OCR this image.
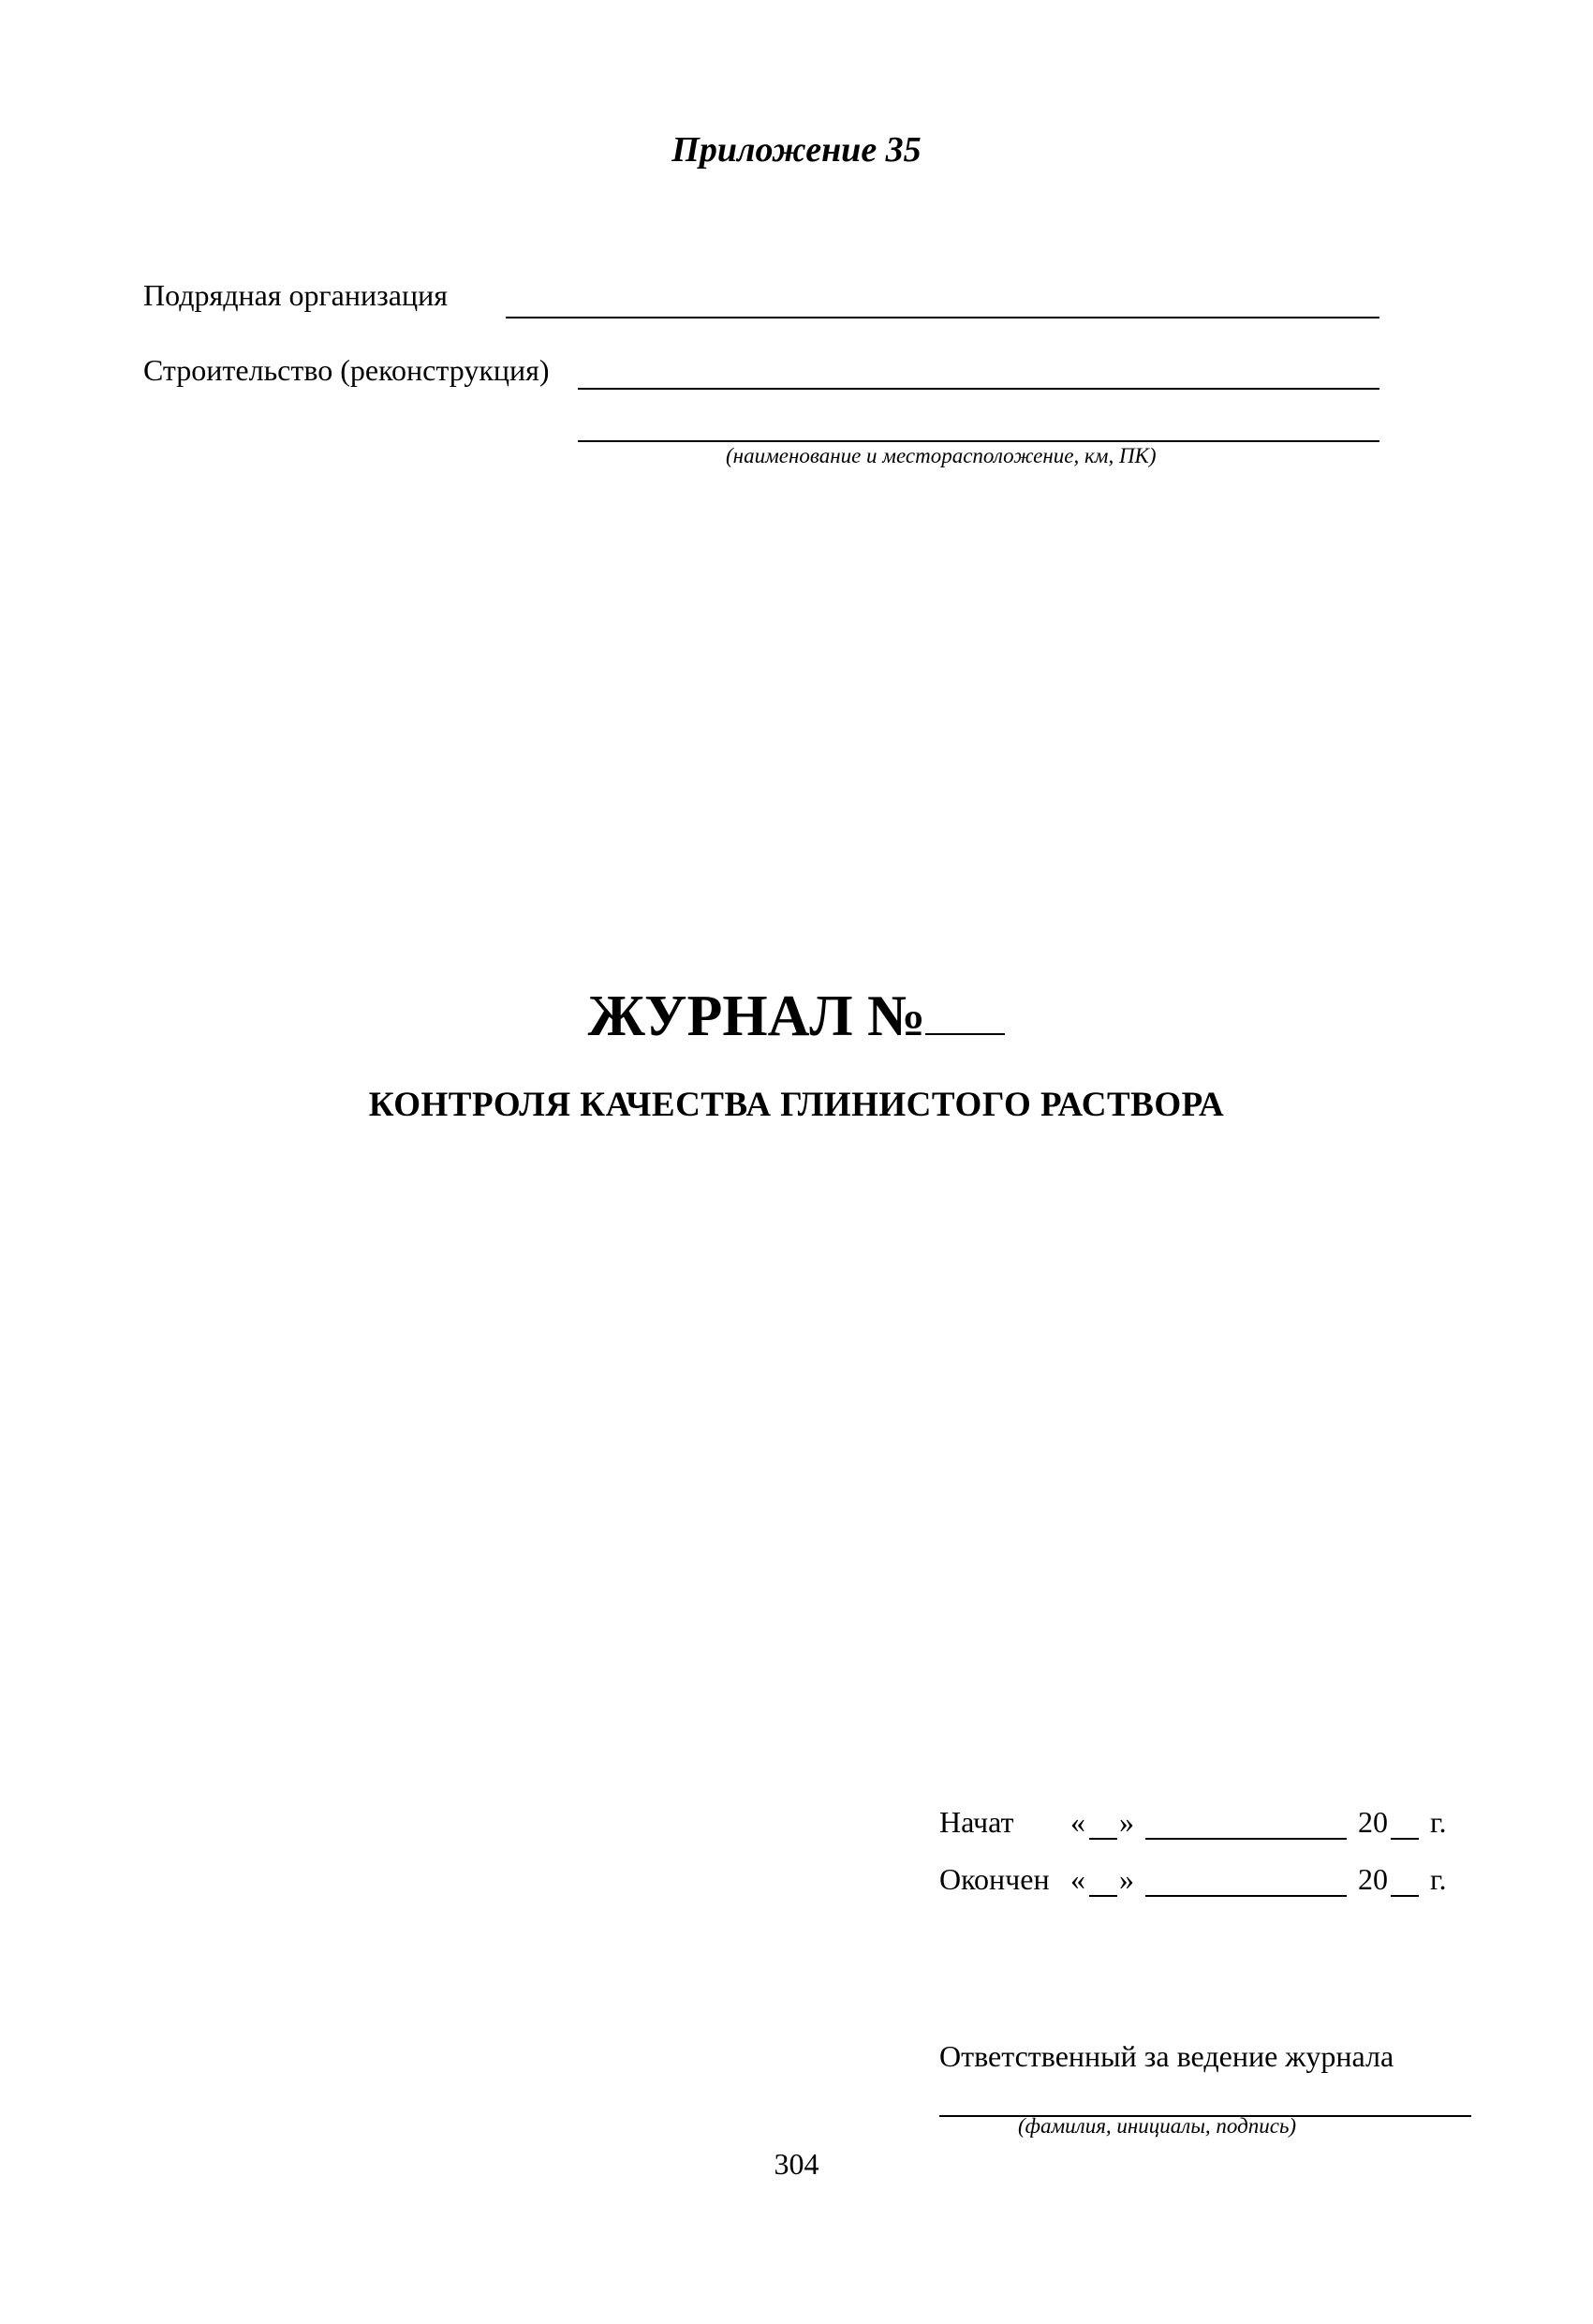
Приложение 35
Подрядная организация
Строительство (реконструкция)
(наименование и месторасположение, км, ПК)
ЖУРНАЛ №
КОНТРОЛЯ КАЧЕСТВА ГЛИНИСТОГО РАСТВОРА
Начат « »	20 г.
Окончен « »	20 г.
Ответственный за ведение журнала
(фамилия, инициалы, подпись)
304
